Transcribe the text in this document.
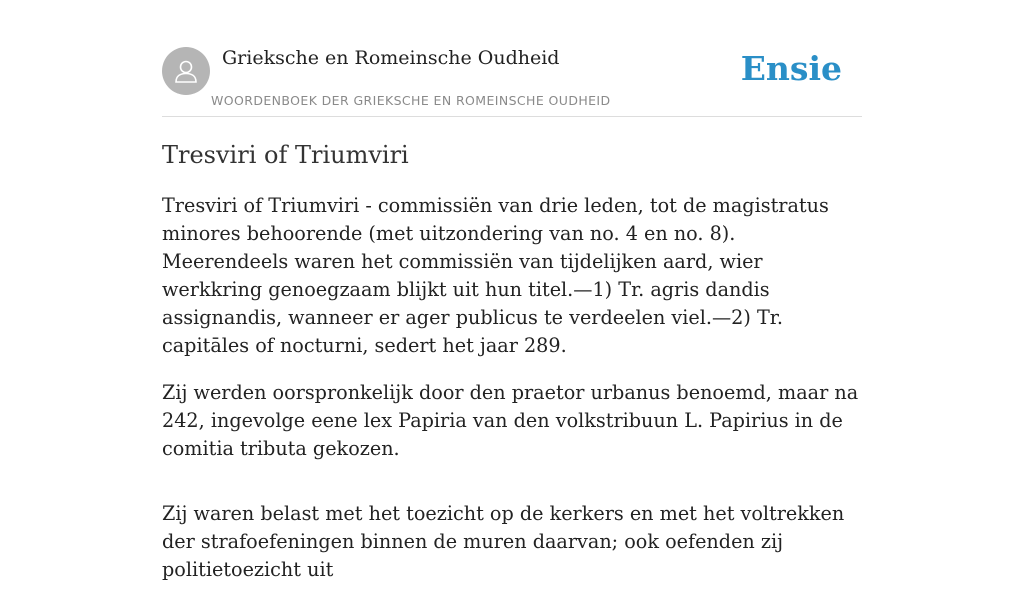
Grieksche en Romeinsche Oudheid
WOORDENBOEK DER GRIEKSCHE EN ROMEINSCHE OUDHEID
Ensie
Tresviri of Triumviri

Tresviri of Triumviri - commissiën van drie leden, tot de magistratus minores behoorende (met uitzondering van no. 4 en no. 8). Meerendeels waren het commissiën van tijdelijken aard, wier werkkring genoegzaam blijkt uit hun titel.—1) Tr. agris dandis assignandis, wanneer er ager publicus te verdeelen viel.—2) Tr. capitāles of nocturni, sedert het jaar 289.

Zij werden oorspronkelijk door den praetor urbanus benoemd, maar na 242, ingevolge eene lex Papiria van den volkstribuun L. Papirius in de comitia tributa gekozen.

Zij waren belast met het toezicht op de kerkers en met het voltrekken der strafoefeningen binnen de muren daarvan; ook oefenden zij politietoezicht uit
